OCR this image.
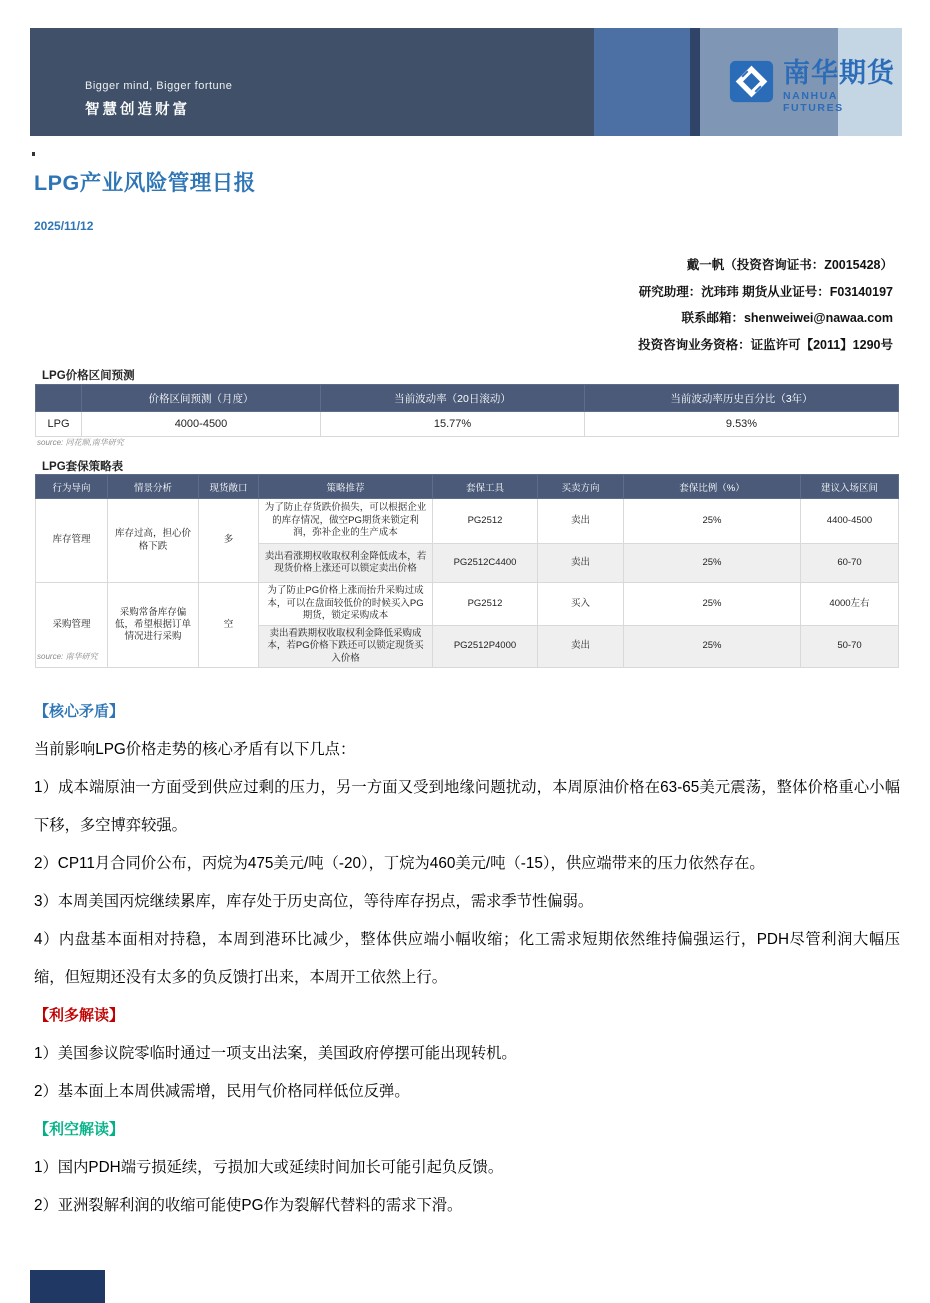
Bigger mind, Bigger fortune
智慧创造财富
南华期货
NANHUA FUTURES
LPG产业风险管理日报
2025/11/12
戴一帆（投资咨询证书：Z0015428）
研究助理：沈玮玮 期货从业证号：F03140197
联系邮箱：shenweiwei@nawaa.com
投资咨询业务资格：证监许可【2011】1290号
LPG价格区间预测
	价格区间预测（月度）	当前波动率（20日滚动）	当前波动率历史百分比（3年）
LPG	4000-4500	15.77%	9.53%
source: 同花顺,南华研究
LPG套保策略表
行为导向	情景分析	现货敞口	策略推荐	套保工具	买卖方向	套保比例（%）	建议入场区间
库存管理	库存过高，担心价格下跌	多	为了防止存货跌价损失，可以根据企业的库存情况，做空PG期货来锁定利润，弥补企业的生产成本	PG2512	卖出	25%	4400-4500
			卖出看涨期权收取权利金降低成本，若现货价格上涨还可以锁定卖出价格	PG2512C4400	卖出	25%	60-70
采购管理	采购常备库存偏低，希望根据订单情况进行采购	空	为了防止PG价格上涨而抬升采购过成本，可以在盘面较低价的时候买入PG期货，锁定采购成本	PG2512	买入	25%	4000左右
			卖出看跌期权收取权利金降低采购成本，若PG价格下跌还可以锁定现货买入价格	PG2512P4000	卖出	25%	50-70
source: 南华研究
【核心矛盾】

当前影响LPG价格走势的核心矛盾有以下几点：

1）成本端原油一方面受到供应过剩的压力，另一方面又受到地缘问题扰动，本周原油价格在63-65美元震荡，整体价格重心小幅下移，多空博弈较强。

2）CP11月合同价公布，丙烷为475美元/吨（-20），丁烷为460美元/吨（-15），供应端带来的压力依然存在。

3）本周美国丙烷继续累库，库存处于历史高位，等待库存拐点，需求季节性偏弱。

4）内盘基本面相对持稳，本周到港环比减少，整体供应端小幅收缩；化工需求短期依然维持偏强运行，PDH尽管利润大幅压缩，但短期还没有太多的负反馈打出来，本周开工依然上行。

【利多解读】

1）美国参议院零临时通过一项支出法案，美国政府停摆可能出现转机。

2）基本面上本周供减需增，民用气价格同样低位反弹。

【利空解读】

1）国内PDH端亏损延续，亏损加大或延续时间加长可能引起负反馈。

2）亚洲裂解利润的收缩可能使PG作为裂解代替料的需求下滑。
